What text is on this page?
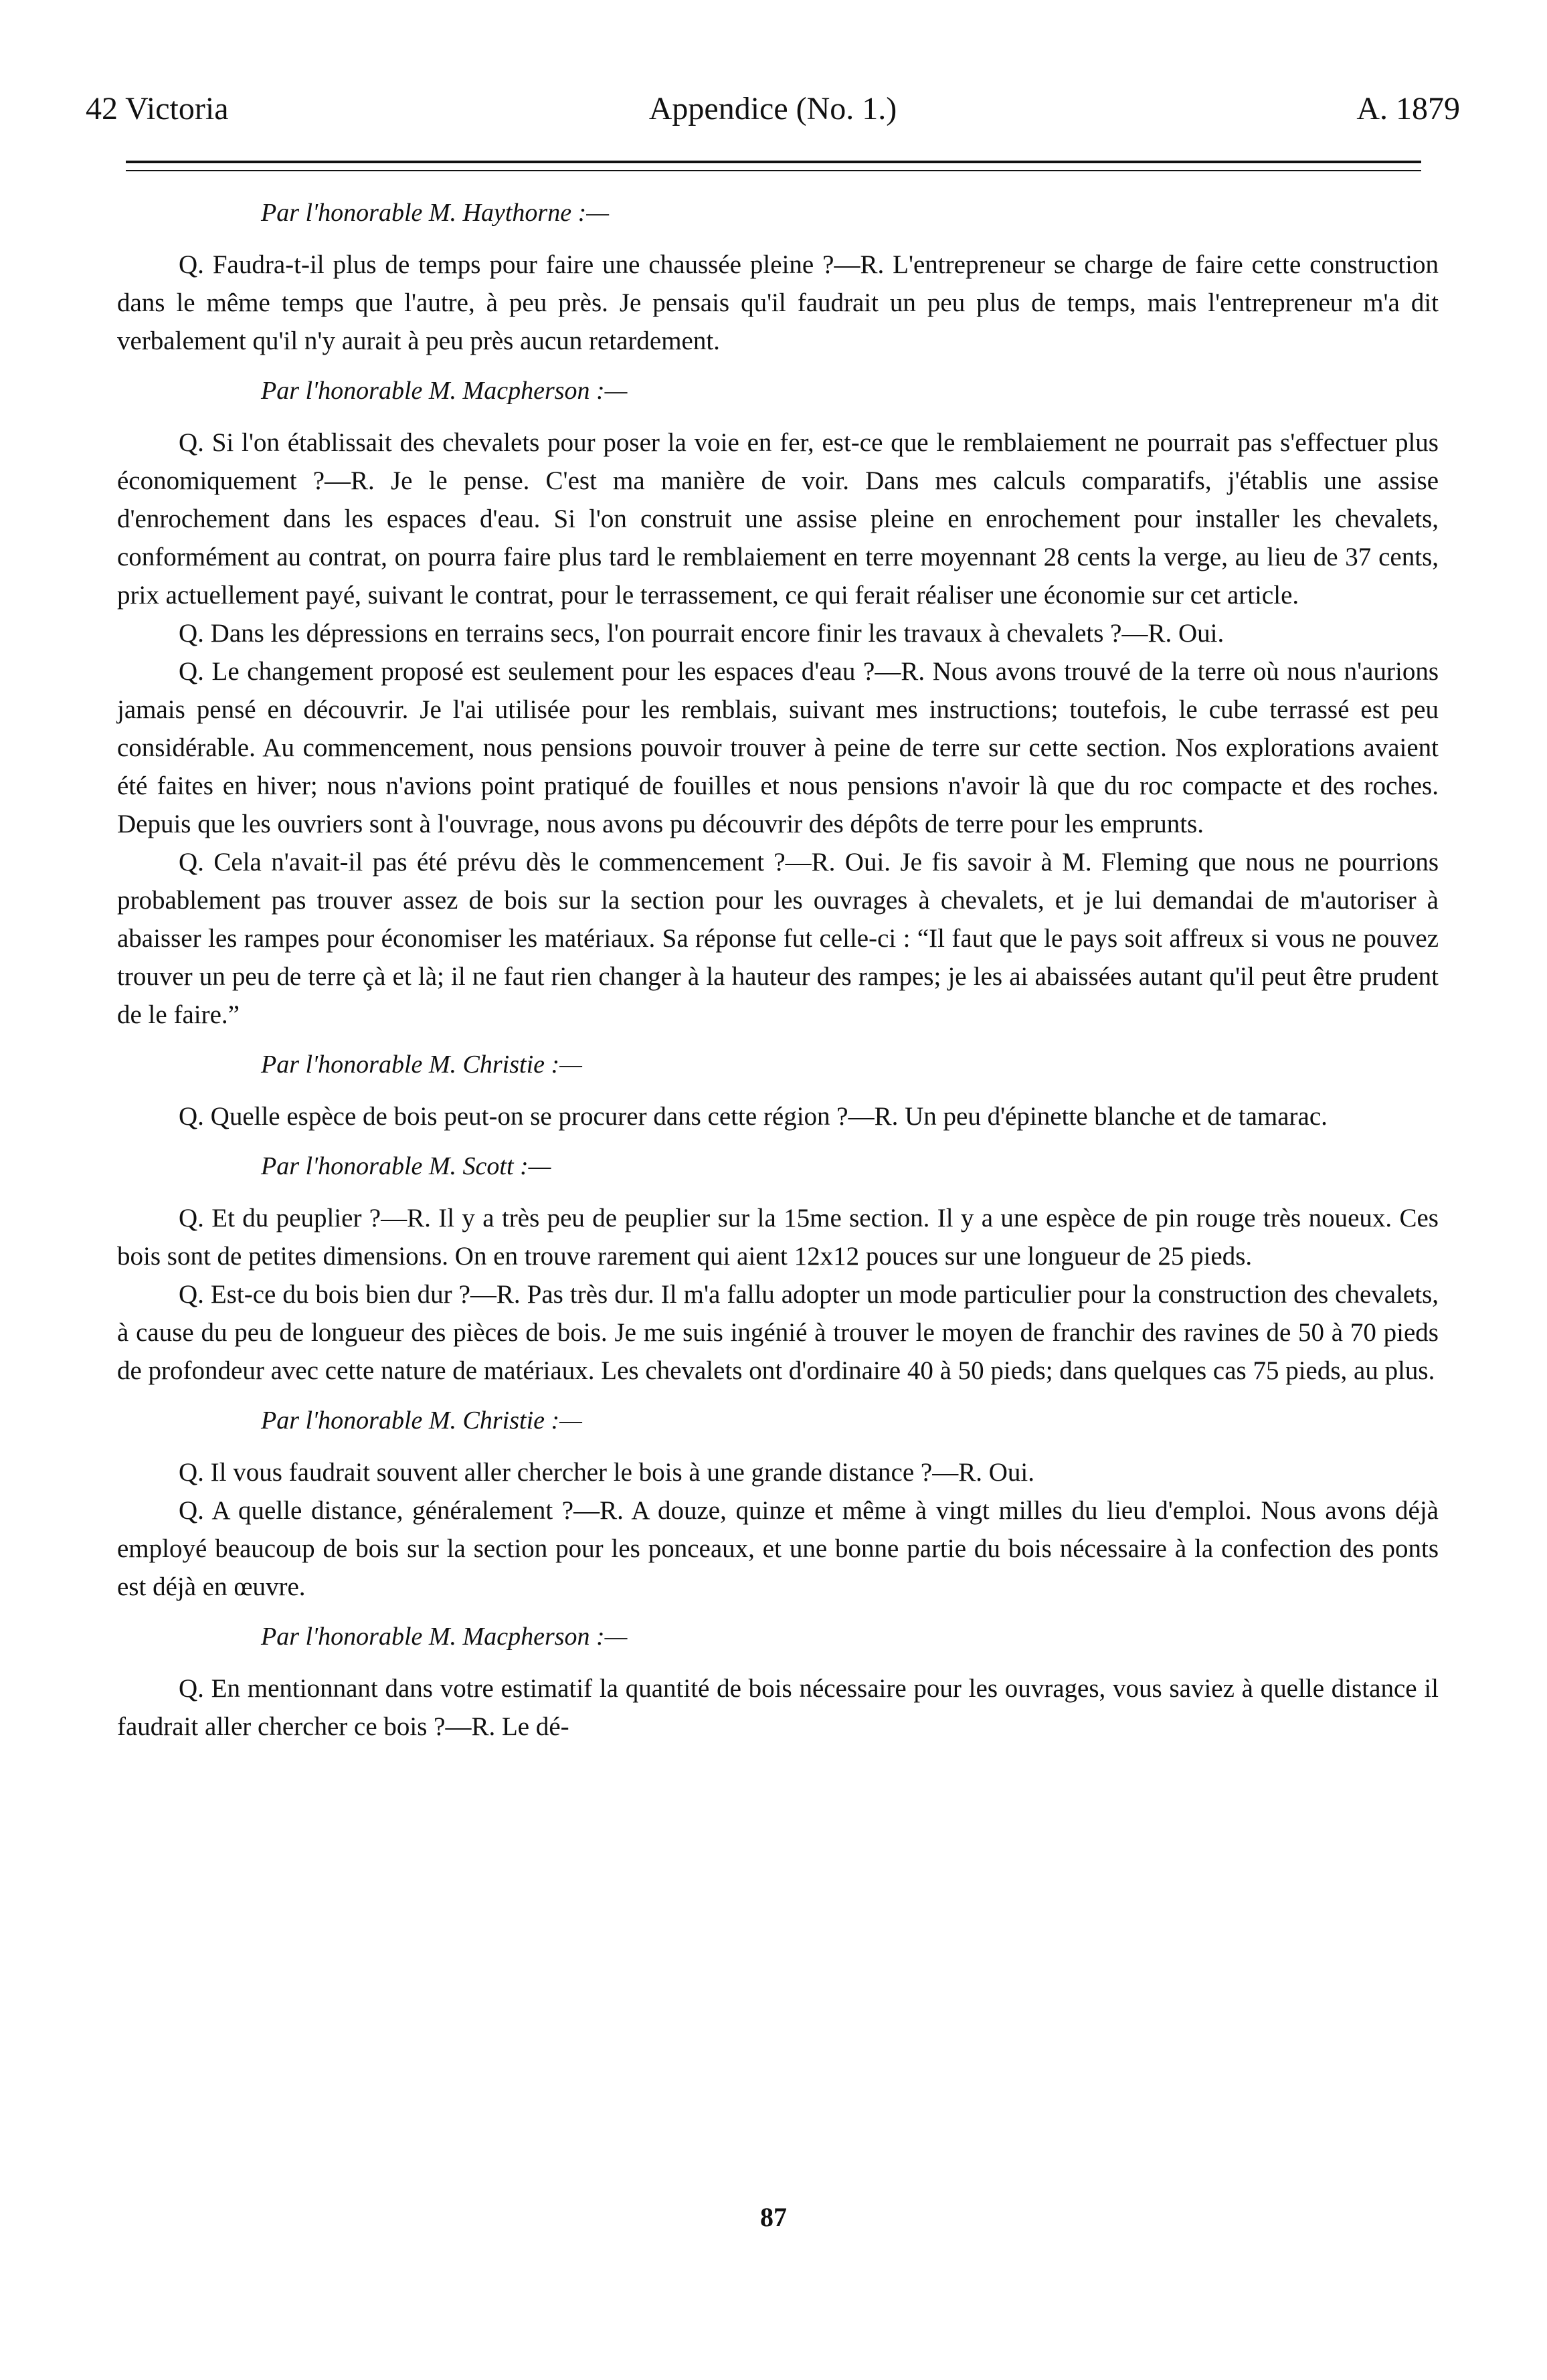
42 Victoria	Appendice (No. 1.)	A. 1879
Par l'honorable M. Haythorne :—

Q. Faudra-t-il plus de temps pour faire une chaussée pleine ?—R. L'entrepreneur se charge de faire cette construction dans le même temps que l'autre, à peu près. Je pensais qu'il faudrait un peu plus de temps, mais l'entrepreneur m'a dit verbalement qu'il n'y aurait à peu près aucun retardement.

Par l'honorable M. Macpherson :—

Q. Si l'on établissait des chevalets pour poser la voie en fer, est-ce que le remblaiement ne pourrait pas s'effectuer plus économiquement ?—R. Je le pense. C'est ma manière de voir. Dans mes calculs comparatifs, j'établis une assise d'enrochement dans les espaces d'eau. Si l'on construit une assise pleine en enrochement pour installer les chevalets, conformément au contrat, on pourra faire plus tard le remblaiement en terre moyennant 28 cents la verge, au lieu de 37 cents, prix actuellement payé, suivant le contrat, pour le terrassement, ce qui ferait réaliser une économie sur cet article.

Q. Dans les dépressions en terrains secs, l'on pourrait encore finir les travaux à chevalets ?—R. Oui.

Q. Le changement proposé est seulement pour les espaces d'eau ?—R. Nous avons trouvé de la terre où nous n'aurions jamais pensé en découvrir. Je l'ai utilisée pour les remblais, suivant mes instructions; toutefois, le cube terrassé est peu considérable. Au commencement, nous pensions pouvoir trouver à peine de terre sur cette section. Nos explorations avaient été faites en hiver; nous n'avions point pratiqué de fouilles et nous pensions n'avoir là que du roc compacte et des roches. Depuis que les ouvriers sont à l'ouvrage, nous avons pu découvrir des dépôts de terre pour les emprunts.

Q. Cela n'avait-il pas été prévu dès le commencement ?—R. Oui. Je fis savoir à M. Fleming que nous ne pourrions probablement pas trouver assez de bois sur la section pour les ouvrages à chevalets, et je lui demandai de m'autoriser à abaisser les rampes pour économiser les matériaux. Sa réponse fut celle-ci : “Il faut que le pays soit affreux si vous ne pouvez trouver un peu de terre çà et là; il ne faut rien changer à la hauteur des rampes; je les ai abaissées autant qu'il peut être prudent de le faire.”

Par l'honorable M. Christie :—

Q. Quelle espèce de bois peut-on se procurer dans cette région ?—R. Un peu d'épinette blanche et de tamarac.

Par l'honorable M. Scott :—

Q. Et du peuplier ?—R. Il y a très peu de peuplier sur la 15me section. Il y a une espèce de pin rouge très noueux. Ces bois sont de petites dimensions. On en trouve rarement qui aient 12x12 pouces sur une longueur de 25 pieds.

Q. Est-ce du bois bien dur ?—R. Pas très dur. Il m'a fallu adopter un mode particulier pour la construction des chevalets, à cause du peu de longueur des pièces de bois. Je me suis ingénié à trouver le moyen de franchir des ravines de 50 à 70 pieds de profondeur avec cette nature de matériaux. Les chevalets ont d'ordinaire 40 à 50 pieds; dans quelques cas 75 pieds, au plus.

Par l'honorable M. Christie :—

Q. Il vous faudrait souvent aller chercher le bois à une grande distance ?—R. Oui.

Q. A quelle distance, généralement ?—R. A douze, quinze et même à vingt milles du lieu d'emploi. Nous avons déjà employé beaucoup de bois sur la section pour les ponceaux, et une bonne partie du bois nécessaire à la confection des ponts est déjà en œuvre.

Par l'honorable M. Macpherson :—

Q. En mentionnant dans votre estimatif la quantité de bois nécessaire pour les ouvrages, vous saviez à quelle distance il faudrait aller chercher ce bois ?—R. Le dé-

87
